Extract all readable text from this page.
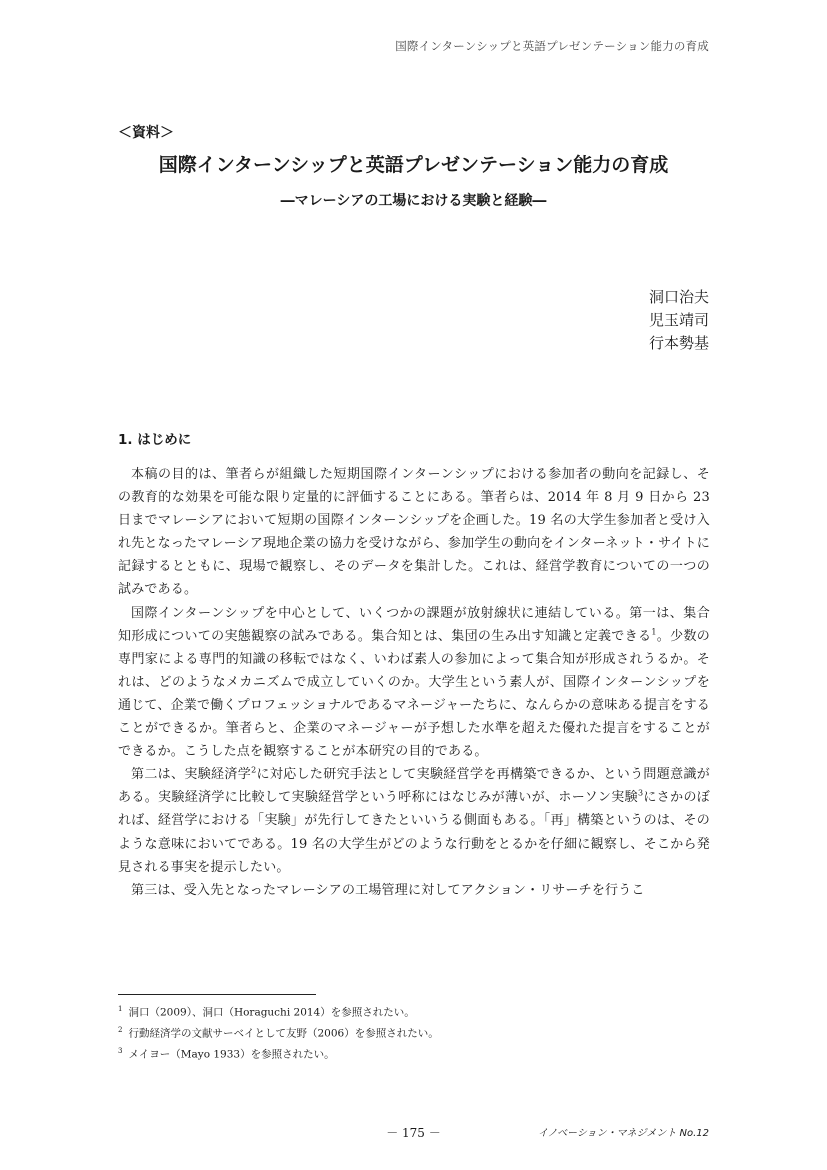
国際インターンシップと英語プレゼンテーション能力の育成
＜資料＞
国際インターンシップと英語プレゼンテーション能力の育成
―マレーシアの工場における実験と経験―
洞口治夫
児玉靖司
行本勢基
1. はじめに

本稿の目的は、筆者らが組織した短期国際インターンシップにおける参加者の動向を記録し、その教育的な効果を可能な限り定量的に評価することにある。筆者らは、2014 年 8 月 9 日から 23 日までマレーシアにおいて短期の国際インターンシップを企画した。19 名の大学生参加者と受け入れ先となったマレーシア現地企業の協力を受けながら、参加学生の動向をインターネット・サイトに記録するとともに、現場で観察し、そのデータを集計した。これは、経営学教育についての一つの試みである。

国際インターンシップを中心として、いくつかの課題が放射線状に連結している。第一は、集合知形成についての実態観察の試みである。集合知とは、集団の生み出す知識と定義できる$^1$。少数の専門家による専門的知識の移転ではなく、いわば素人の参加によって集合知が形成されうるか。それは、どのようなメカニズムで成立していくのか。大学生という素人が、国際インターンシップを通じて、企業で働くプロフェッショナルであるマネージャーたちに、なんらかの意味ある提言をすることができるか。筆者らと、企業のマネージャーが予想した水準を超えた優れた提言をすることができるか。こうした点を観察することが本研究の目的である。

第二は、実験経済学$^2$に対応した研究手法として実験経営学を再構築できるか、という問題意識がある。実験経済学に比較して実験経営学という呼称にはなじみが薄いが、ホーソン実験$^3$にさかのぼれば、経営学における「実験」が先行してきたといいうる側面もある。「再」構築というのは、そのような意味においてである。19 名の大学生がどのような行動をとるかを仔細に観察し、そこから発見される事実を提示したい。

第三は、受入先となったマレーシアの工場管理に対してアクション・リサーチを行うこ

$^1$ 洞口（2009）、洞口（Horaguchi 2014）を参照されたい。
$^2$ 行動経済学の文献サーベイとして友野（2006）を参照されたい。
$^3$ メイヨー（Mayo 1933）を参照されたい。
－ 175 －	イノベーション・マネジメント No.12
